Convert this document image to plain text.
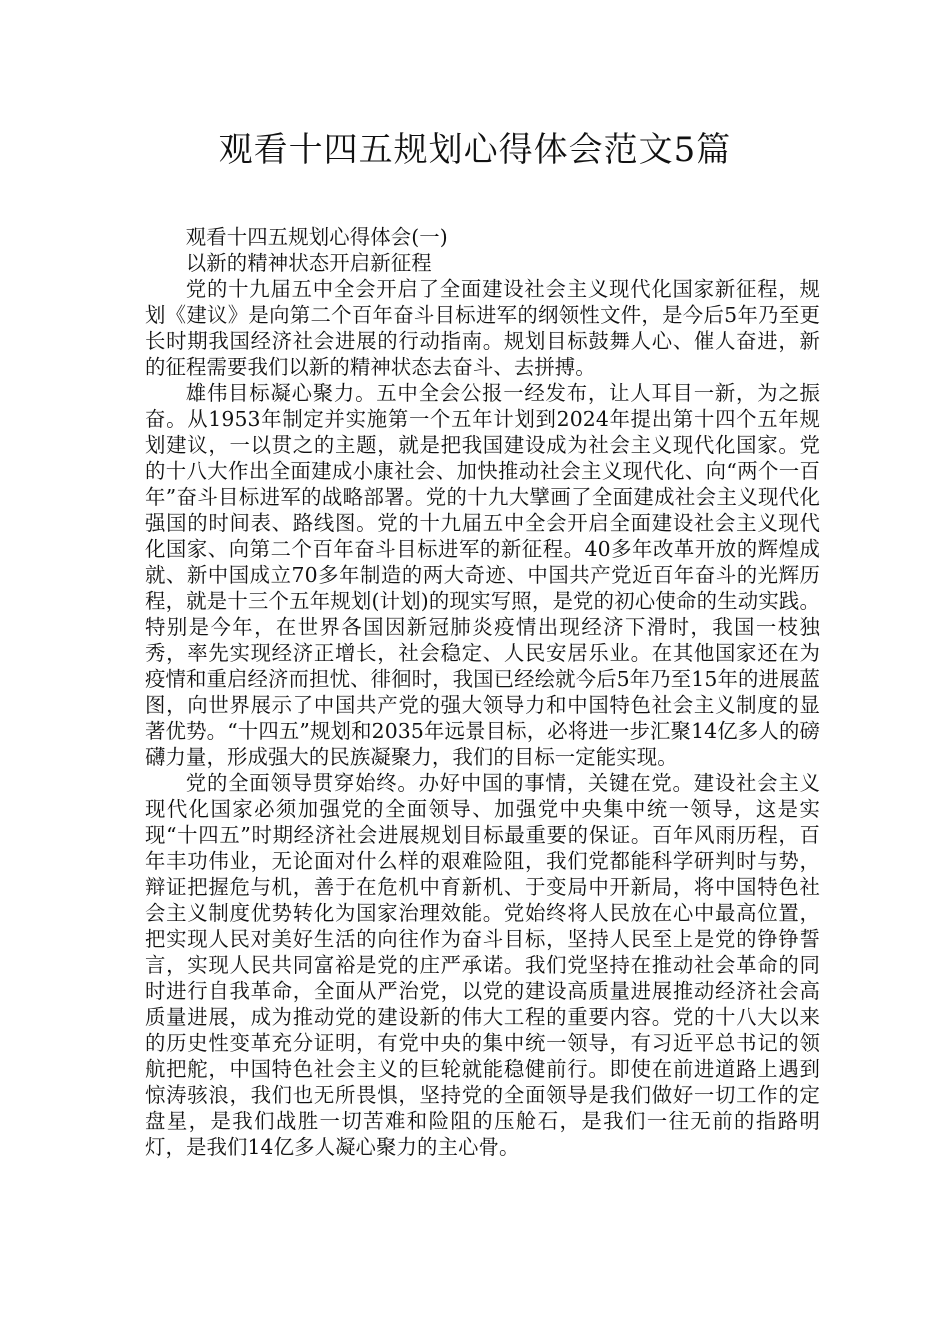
观看十四五规划心得体会范文5篇

观看十四五规划心得体会(一)

以新的精神状态开启新征程

党的十九届五中全会开启了全面建设社会主义现代化国家新征程，规划《建议》是向第二个百年奋斗目标进军的纲领性文件，是今后5年乃至更长时期我国经济社会进展的行动指南。规划目标鼓舞人心、催人奋进，新的征程需要我们以新的精神状态去奋斗、去拼搏。

雄伟目标凝心聚力。五中全会公报一经发布，让人耳目一新，为之振奋。从1953年制定并实施第一个五年计划到2024年提出第十四个五年规划建议，一以贯之的主题，就是把我国建设成为社会主义现代化国家。党的十八大作出全面建成小康社会、加快推动社会主义现代化、向“两个一百年”奋斗目标进军的战略部署。党的十九大擘画了全面建成社会主义现代化强国的时间表、路线图。党的十九届五中全会开启全面建设社会主义现代化国家、向第二个百年奋斗目标进军的新征程。40多年改革开放的辉煌成就、新中国成立70多年制造的两大奇迹、中国共产党近百年奋斗的光辉历程，就是十三个五年规划(计划)的现实写照，是党的初心使命的生动实践。特别是今年，在世界各国因新冠肺炎疫情出现经济下滑时，我国一枝独秀，率先实现经济正增长，社会稳定、人民安居乐业。在其他国家还在为疫情和重启经济而担忧、徘徊时，我国已经绘就今后5年乃至15年的进展蓝图，向世界展示了中国共产党的强大领导力和中国特色社会主义制度的显著优势。“十四五”规划和2035年远景目标，必将进一步汇聚14亿多人的磅礴力量，形成强大的民族凝聚力，我们的目标一定能实现。

党的全面领导贯穿始终。办好中国的事情，关键在党。建设社会主义现代化国家必须加强党的全面领导、加强党中央集中统一领导，这是实现“十四五”时期经济社会进展规划目标最重要的保证。百年风雨历程，百年丰功伟业，无论面对什么样的艰难险阻，我们党都能科学研判时与势，辩证把握危与机，善于在危机中育新机、于变局中开新局，将中国特色社会主义制度优势转化为国家治理效能。党始终将人民放在心中最高位置，把实现人民对美好生活的向往作为奋斗目标，坚持人民至上是党的铮铮誓言，实现人民共同富裕是党的庄严承诺。我们党坚持在推动社会革命的同时进行自我革命，全面从严治党，以党的建设高质量进展推动经济社会高质量进展，成为推动党的建设新的伟大工程的重要内容。党的十八大以来的历史性变革充分证明，有党中央的集中统一领导，有习近平总书记的领航把舵，中国特色社会主义的巨轮就能稳健前行。即使在前进道路上遇到惊涛骇浪，我们也无所畏惧，坚持党的全面领导是我们做好一切工作的定盘星，是我们战胜一切苦难和险阻的压舱石，是我们一往无前的指路明灯，是我们14亿多人凝心聚力的主心骨。
